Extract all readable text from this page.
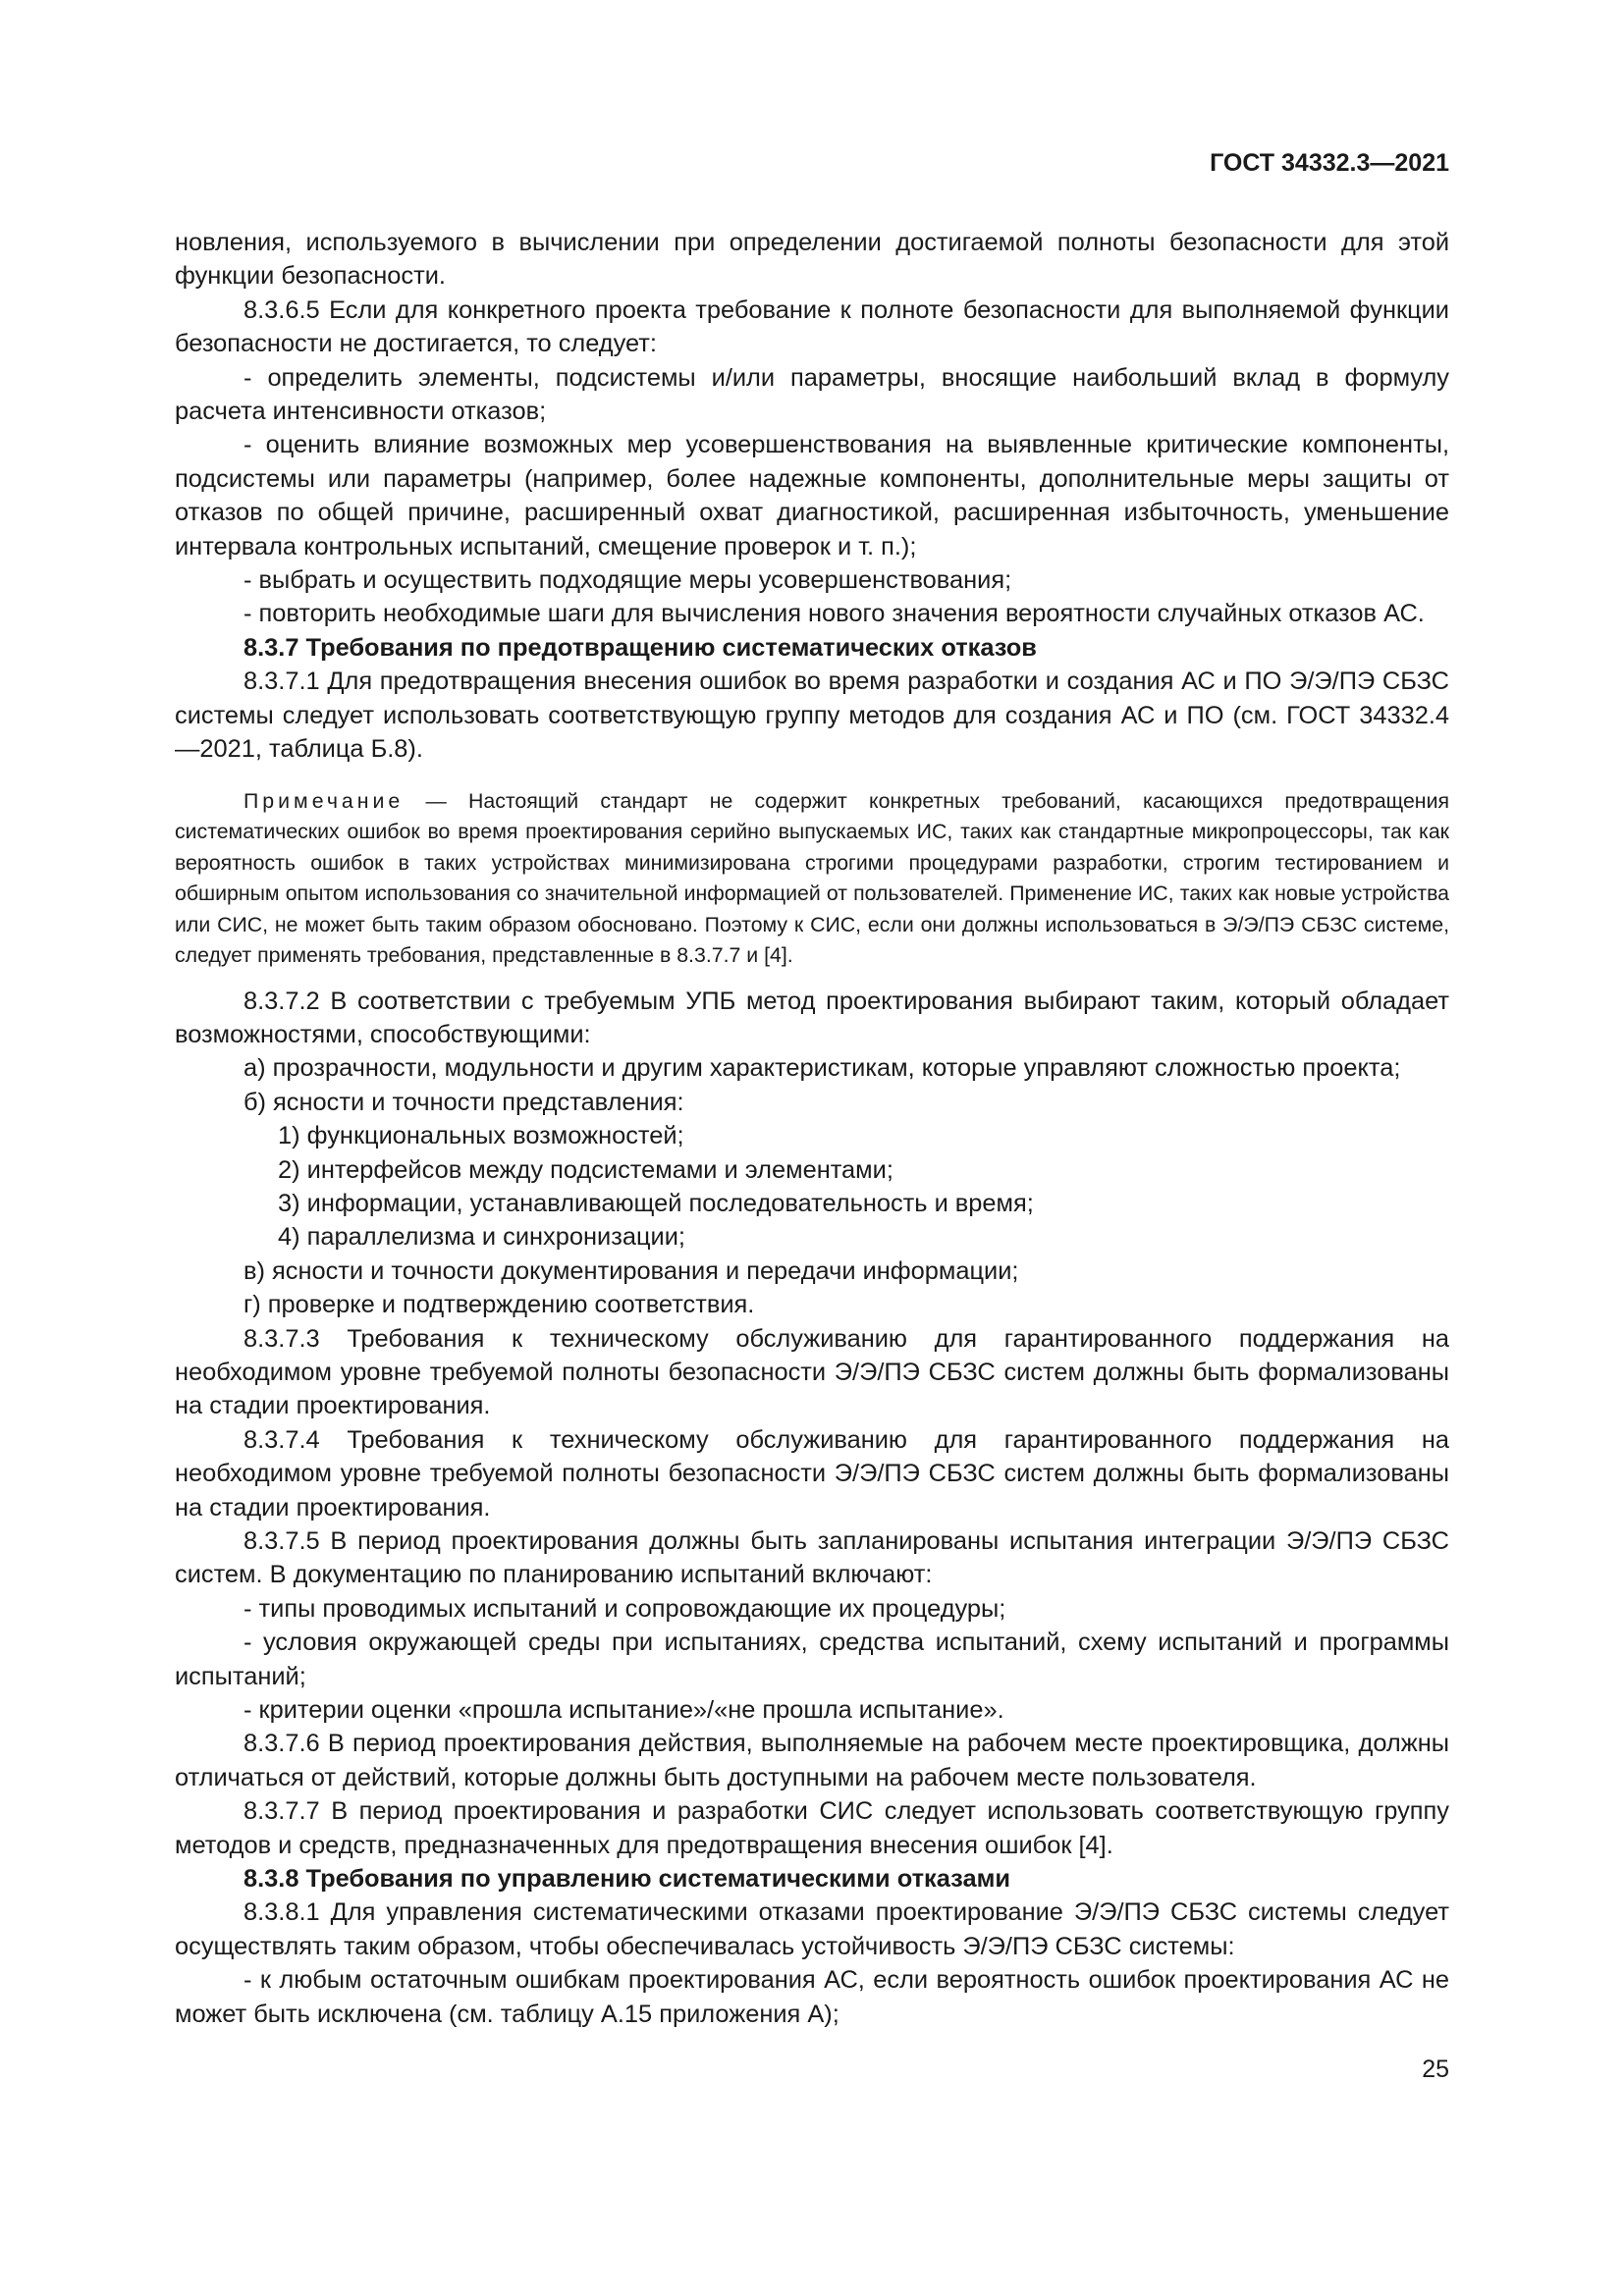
ГОСТ 34332.3—2021

новления, используемого в вычислении при определении достигаемой полноты безопасности для этой функции безопасности.

8.3.6.5 Если для конкретного проекта требование к полноте безопасности для выполняемой функции безопасности не достигается, то следует:

- определить элементы, подсистемы и/или параметры, вносящие наибольший вклад в формулу расчета интенсивности отказов;

- оценить влияние возможных мер усовершенствования на выявленные критические компоненты, подсистемы или параметры (например, более надежные компоненты, дополнительные меры защиты от отказов по общей причине, расширенный охват диагностикой, расширенная избыточность, уменьшение интервала контрольных испытаний, смещение проверок и т. п.);

- выбрать и осуществить подходящие меры усовершенствования;

- повторить необходимые шаги для вычисления нового значения вероятности случайных отказов АС.

8.3.7 Требования по предотвращению систематических отказов

8.3.7.1 Для предотвращения внесения ошибок во время разработки и создания АС и ПО Э/Э/ПЭ СБЗС системы следует использовать соответствующую группу методов для создания АС и ПО (см. ГОСТ 34332.4—2021, таблица Б.8).

Примечание — Настоящий стандарт не содержит конкретных требований, касающихся предотвращения систематических ошибок во время проектирования серийно выпускаемых ИС, таких как стандартные микропроцессоры, так как вероятность ошибок в таких устройствах минимизирована строгими процедурами разработки, строгим тестированием и обширным опытом использования со значительной информацией от пользователей. Применение ИС, таких как новые устройства или СИС, не может быть таким образом обосновано. Поэтому к СИС, если они должны использоваться в Э/Э/ПЭ СБЗС системе, следует применять требования, представленные в 8.3.7.7 и [4].

8.3.7.2 В соответствии с требуемым УПБ метод проектирования выбирают таким, который обладает возможностями, способствующими:

а) прозрачности, модульности и другим характеристикам, которые управляют сложностью проекта;

б) ясности и точности представления:

1) функциональных возможностей;

2) интерфейсов между подсистемами и элементами;

3) информации, устанавливающей последовательность и время;

4) параллелизма и синхронизации;

в) ясности и точности документирования и передачи информации;

г) проверке и подтверждению соответствия.

8.3.7.3 Требования к техническому обслуживанию для гарантированного поддержания на необходимом уровне требуемой полноты безопасности Э/Э/ПЭ СБЗС систем должны быть формализованы на стадии проектирования.

8.3.7.4 Требования к техническому обслуживанию для гарантированного поддержания на необходимом уровне требуемой полноты безопасности Э/Э/ПЭ СБЗС систем должны быть формализованы на стадии проектирования.

8.3.7.5 В период проектирования должны быть запланированы испытания интеграции Э/Э/ПЭ СБЗС систем. В документацию по планированию испытаний включают:

- типы проводимых испытаний и сопровождающие их процедуры;

- условия окружающей среды при испытаниях, средства испытаний, схему испытаний и программы испытаний;

- критерии оценки «прошла испытание»/«не прошла испытание».

8.3.7.6 В период проектирования действия, выполняемые на рабочем месте проектировщика, должны отличаться от действий, которые должны быть доступными на рабочем месте пользователя.

8.3.7.7 В период проектирования и разработки СИС следует использовать соответствующую группу методов и средств, предназначенных для предотвращения внесения ошибок [4].

8.3.8 Требования по управлению систематическими отказами

8.3.8.1 Для управления систематическими отказами проектирование Э/Э/ПЭ СБЗС системы следует осуществлять таким образом, чтобы обеспечивалась устойчивость Э/Э/ПЭ СБЗС системы:

- к любым остаточным ошибкам проектирования АС, если вероятность ошибок проектирования АС не может быть исключена (см. таблицу А.15 приложения А);

25
